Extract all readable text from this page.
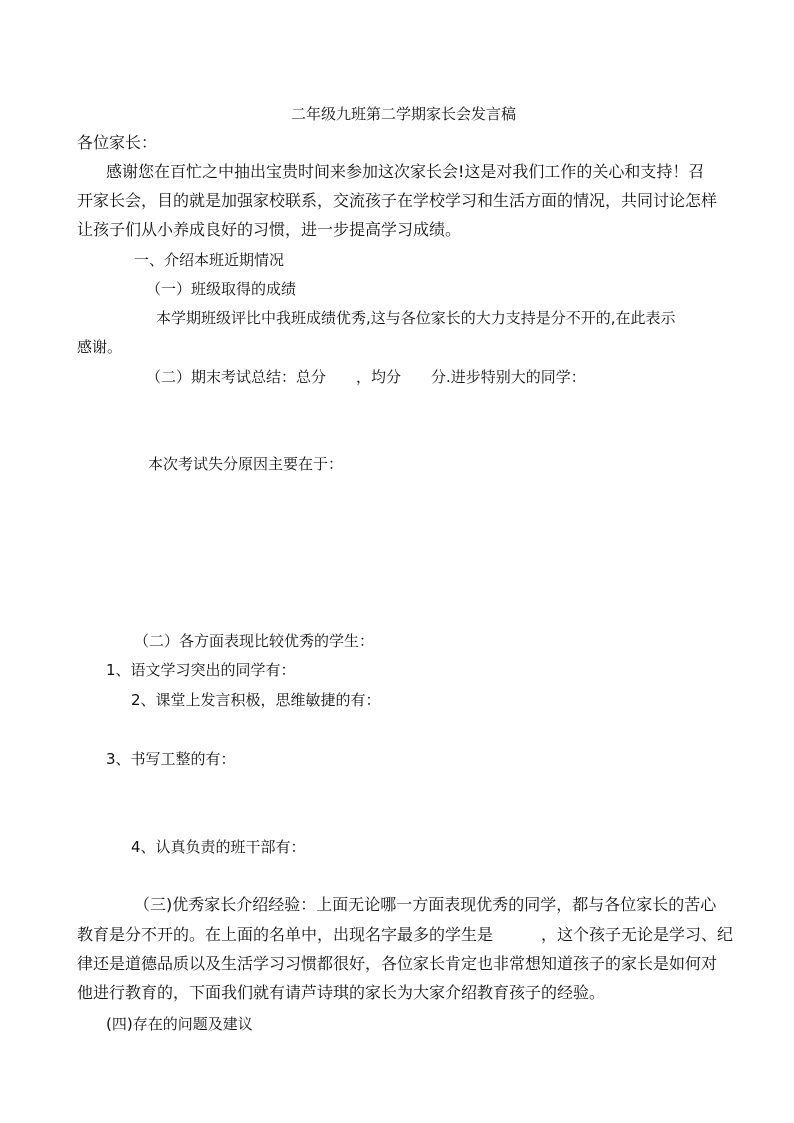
二年级九班第二学期家长会发言稿
各位家长：
感谢您在百忙之中抽出宝贵时间来参加这次家长会!这是对我们工作的关心和支持！召
开家长会，目的就是加强家校联系，交流孩子在学校学习和生活方面的情况，共同讨论怎样
让孩子们从小养成良好的习惯，进一步提高学习成绩。
一、介绍本班近期情况
（一）班级取得的成绩
本学期班级评比中我班成绩优秀,这与各位家长的大力支持是分不开的,在此表示
感谢。
（二）期末考试总结：总分　　，均分　　分.进步特别大的同学：
本次考试失分原因主要在于：
（二）各方面表现比较优秀的学生：
1、语文学习突出的同学有：
2、课堂上发言积极，思维敏捷的有：
3、书写工整的有：
4、认真负责的班干部有：
（三)优秀家长介绍经验：上面无论哪一方面表现优秀的同学，都与各位家长的苦心
教育是分不开的。在上面的名单中，出现名字最多的学生是　　　，这个孩子无论是学习、纪
律还是道德品质以及生活学习习惯都很好，各位家长肯定也非常想知道孩子的家长是如何对
他进行教育的，下面我们就有请芦诗琪的家长为大家介绍教育孩子的经验。
(四)存在的问题及建议
